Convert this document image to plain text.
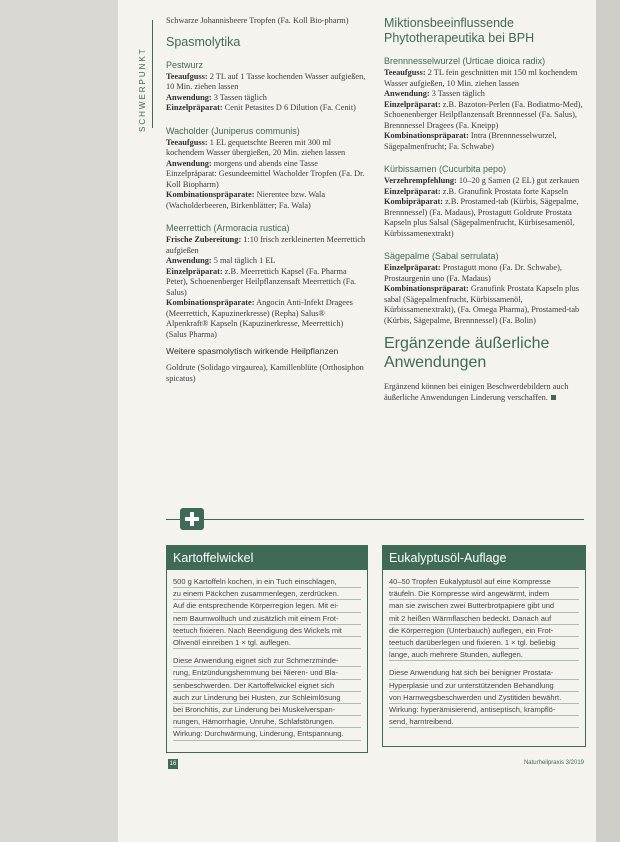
SCHWERPUNKT

Schwarze Johannisbeere Tropfen (Fa. Koll Bio-pharm)

Spasmolytika
Pestwurz

Teeaufguss: 2 TL auf 1 Tasse kochenden Wasser aufgießen, 10 Min. ziehen lassen

Anwendung: 3 Tassen täglich

Einzelpräparat: Cenit Petasites D 6 Dilution (Fa. Cenit)

Wacholder (Juniperus communis)

Teeaufguss: 1 EL gequetschte Beeren mit 300 ml kochendem Wasser übergießen, 20 Min. ziehen lassen

Anwendung: morgens und abends eine Tasse

Einzelpräparat: Gesundeemittel Wacholder Tropfen (Fa. Dr. Koll Biopharm)

Kombinationspräparate: Nierentee bzw. Wala (Wacholderbeeren, Birkenblätter; Fa. Wala)

Meerrettich (Armoracia rustica)

Frische Zubereitung: 1:10 frisch zerkleinerten Meerrettich aufgießen

Anwendung: 5 mal täglich 1 EL

Einzelpräparat: z.B. Meerrettich Kapsel (Fa. Pharma Peter), Schoenenberger Heilpflanzensaft Meerrettich (Fa. Salus)

Kombinationspräparate: Angocin Anti-Infekt Dragees (Meerrettich, Kapuzinerkresse) (Repha) Salus® Alpenkraft® Kapseln (Kapuzinerkresse, Meerrettich) (Salus Pharma)

Weitere spasmolytisch wirkende Heilpflanzen

Goldrute (Solidago virgaurea), Kamillenblüte (Orthosiphon spicatus)

Miktionsbeeinflussende Phytotherapeutika bei BPH
Brennnesselwurzel (Urticae dioica radix)

Teeaufguss: 2 TL fein geschnitten mit 150 ml kochendem Wasser aufgießen, 10 Min. ziehen lassen

Anwendung: 3 Tassen täglich

Einzelpräparat: z.B. Bazoton-Perlen (Fa. Bodiatmo-Med), Schoenenberger Heilpflanzensaft Brennnessel (Fa. Salus), Brennnessel Dragees (Fa. Kneipp)

Kombinationspräparat: Intra (Brennnesselwurzel, Sägepalmenfrucht; Fa. Schwabe)

Kürbissamen (Cucurbita pepo)

Verzehrempfehlung: 10–20 g Samen (2 EL) gut zerkauen

Einzelpräparat: z.B. Granufink Prostata forte Kapseln

Kombipräparat: z.B. Prostamed-tab (Kürbis, Sägepalme, Brennnessel) (Fa. Madaus), Prostagutt Goldrute Prostata Kapseln plus Salsal (Sägepalmenfrucht, Kürbisesamenöl, Kürbissamenextrakt)

Sägepalme (Sabal serrulata)

Einzelpräparat: Prostagutt mono (Fa. Dr. Schwabe), Prostaurgenin uno (Fa. Madaus)

Kombinationspräparat: Granufink Prostata Kapseln plus sabal (Sägepalmenfrucht, Kürbissamenöl, Kürbissamenextrakt), (Fa. Omega Pharma), Prostamed-tab (Kürbis, Sägepalme, Brennnessel) (Fa. Bolin)

Ergänzende äußerliche Anwendungen

Ergänzend können bei einigen Beschwerdebildern auch äußerliche Anwendungen Linderung verschaffen.

Kartoffelwickel

500 g Kartoffeln kochen, in ein Tuch einschlagen,

zu einem Päckchen zusammenlegen, zerdrücken.

Auf die entsprechende Körperregion legen. Mit ei-

nem Baumwolltuch und zusätzlich mit einem Frot-

teetuch fixieren. Nach Beendigung des Wickels mit

Olivenöl einreiben 1 × tgl. auflegen.

Diese Anwendung eignet sich zur Schmerzminde-

rung, Entzündungshemmung bei Nieren- und Bla-

senbeschwerden. Der Kartoffelwickel eignet sich

auch zur Linderung bei Husten, zur Schleimlösung

bei Bronchitis, zur Linderung bei Muskelverspan-

nungen, Hämorrhagie, Unruhe, Schlafstörungen.

Wirkung: Durchwärmung, Linderung, Entspannung.

Eukalyptusöl-Auflage

40–50 Tropfen Eukalyptusöl auf eine Kompresse

träufeln. Die Kompresse wird angewärmt, indem

man sie zwischen zwei Butterbrotpapiere gibt und

mit 2 heißen Wärmflaschen bedeckt. Danach auf

die Körperregion (Unterbauch) auflegen, ein Frot-

teetuch darüberlegen und fixieren. 1 × tgl. beliebig

lange, auch mehrere Stunden, auflegen.

Diese Anwendung hat sich bei benigner Prostata-

Hyperplasie und zur unterstützenden Behandlung

von Harnwegsbeschwerden und Zystitiden bewährt.

Wirkung: hyperämisierend, antiseptisch, krampflö-

send, harntreibend.

16	Naturheilpraxis 3/2019
